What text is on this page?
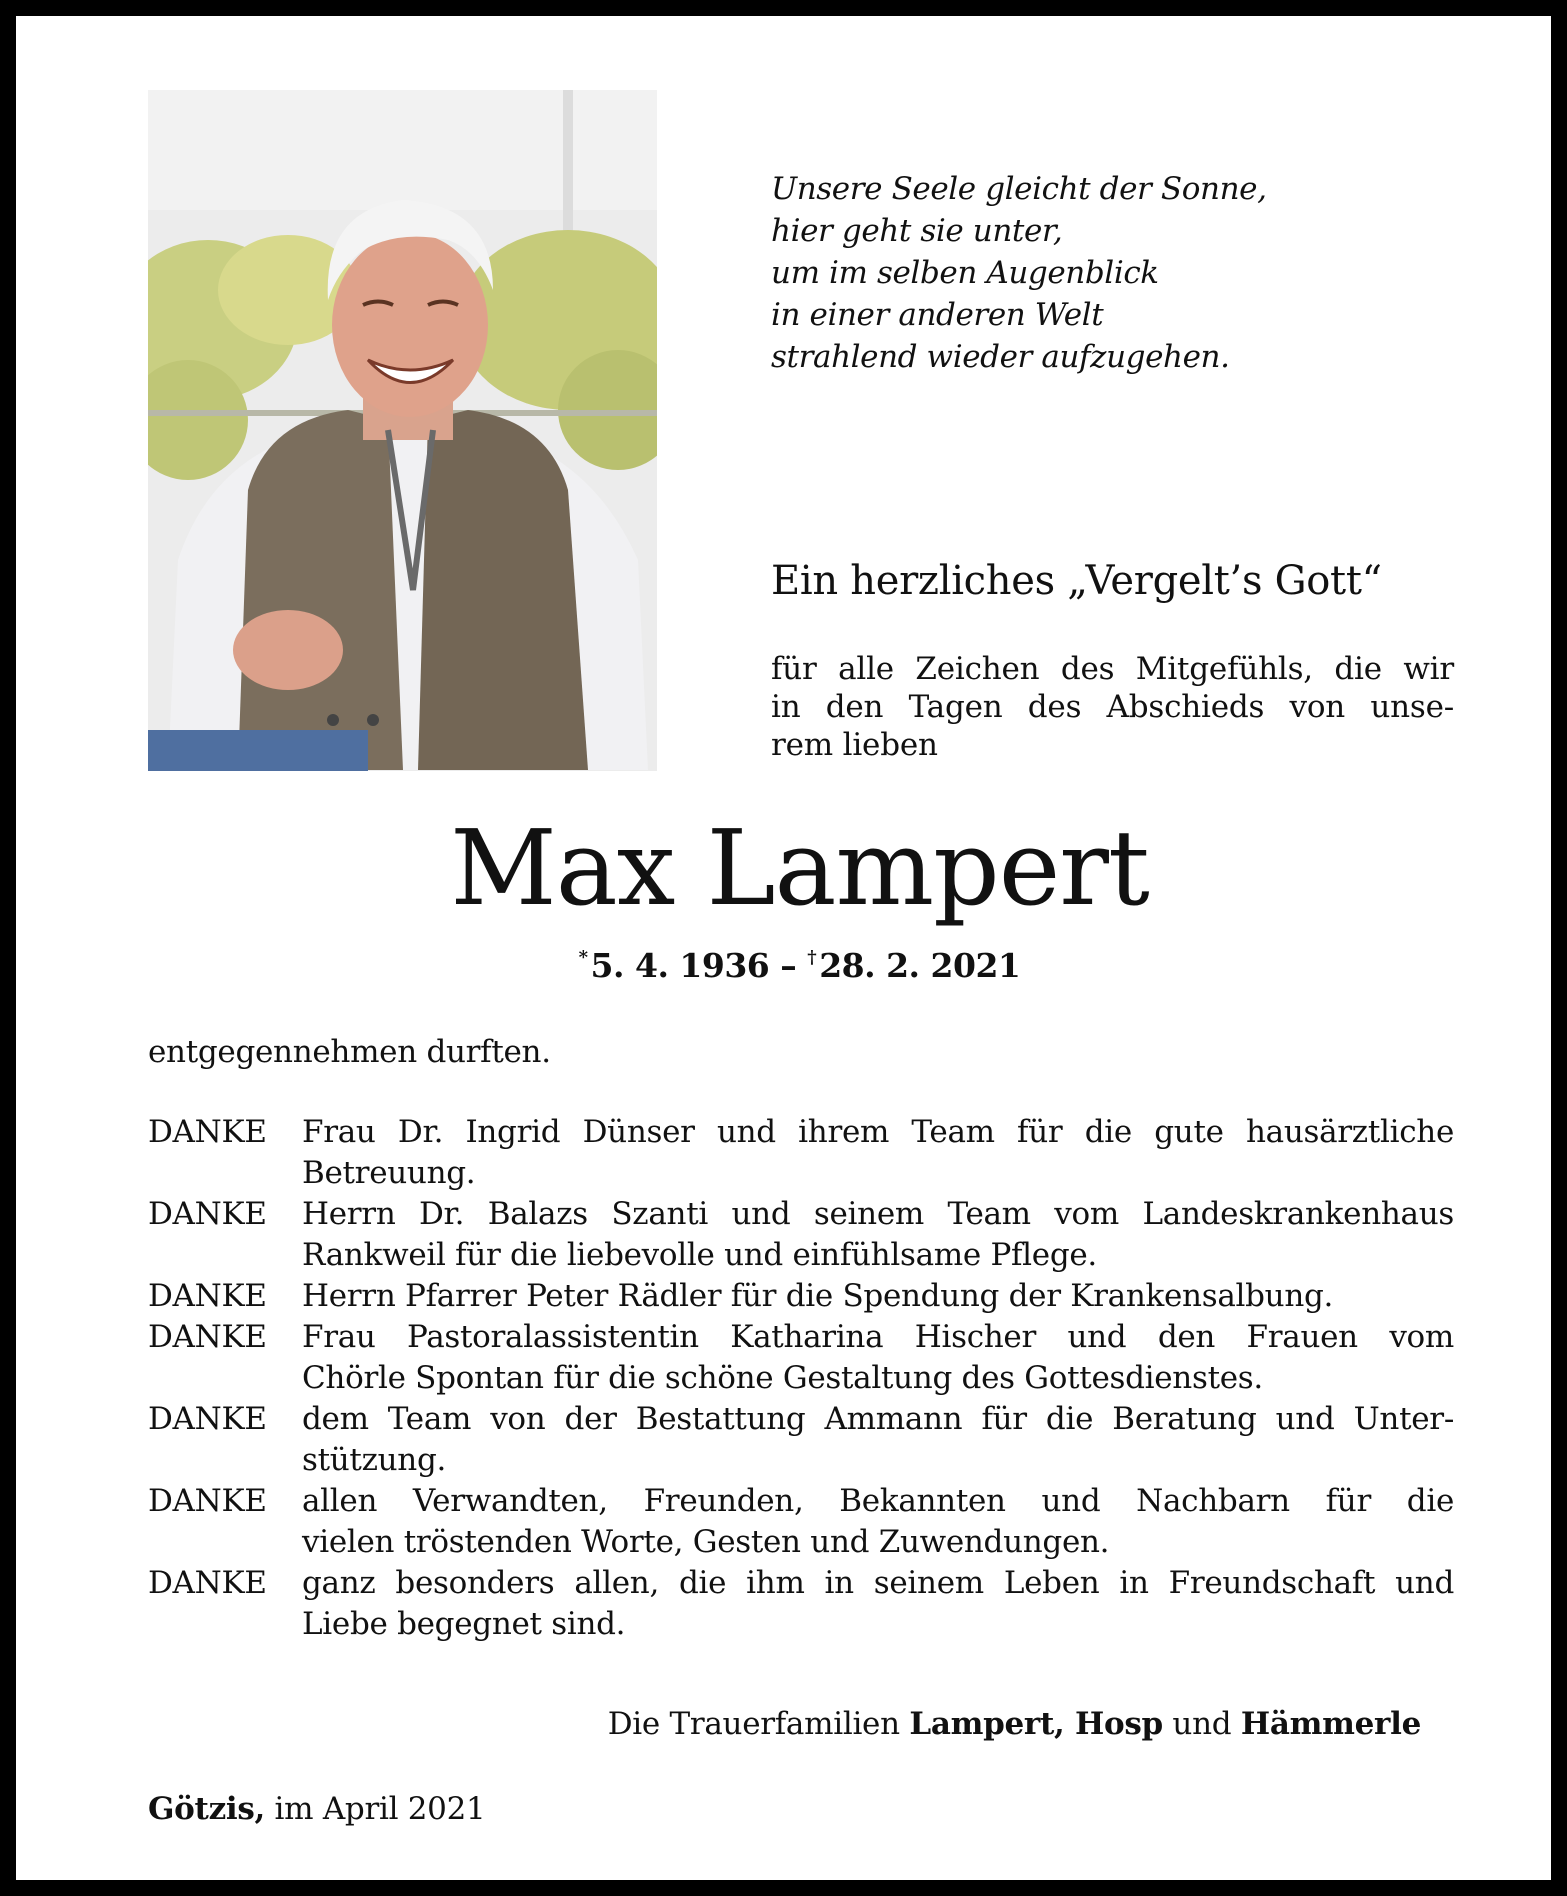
Unsere Seele gleicht der Sonne,
hier geht sie unter,
um im selben Augenblick
in einer anderen Welt
strahlend wieder aufzugehen.
Ein herzliches „Vergelt’s Gott“
für alle Zeichen des Mitgefühls, die wir
in den Tagen des Abschieds von unse-
rem lieben
Max Lampert
*5. 4. 1936 – †28. 2. 2021
entgegennehmen durften.
DANKE	Frau Dr. Ingrid Dünser und ihrem Team für die gute hausärztliche
Betreuung.
DANKE	Herrn Dr. Balazs Szanti und seinem Team vom Landeskrankenhaus
Rankweil für die liebevolle und einfühlsame Pflege.
DANKE	Herrn Pfarrer Peter Rädler für die Spendung der Krankensalbung.
DANKE	Frau Pastoralassistentin Katharina Hischer und den Frauen vom
Chörle Spontan für die schöne Gestaltung des Gottesdienstes.
DANKE	dem Team von der Bestattung Ammann für die Beratung und Unter-
stützung.
DANKE	allen Verwandten, Freunden, Bekannten und Nachbarn für die
vielen tröstenden Worte, Gesten und Zuwendungen.
DANKE	ganz besonders allen, die ihm in seinem Leben in Freundschaft und
Liebe begegnet sind.
Die Trauerfamilien Lampert, Hosp und Hämmerle
Götzis, im April 2021
